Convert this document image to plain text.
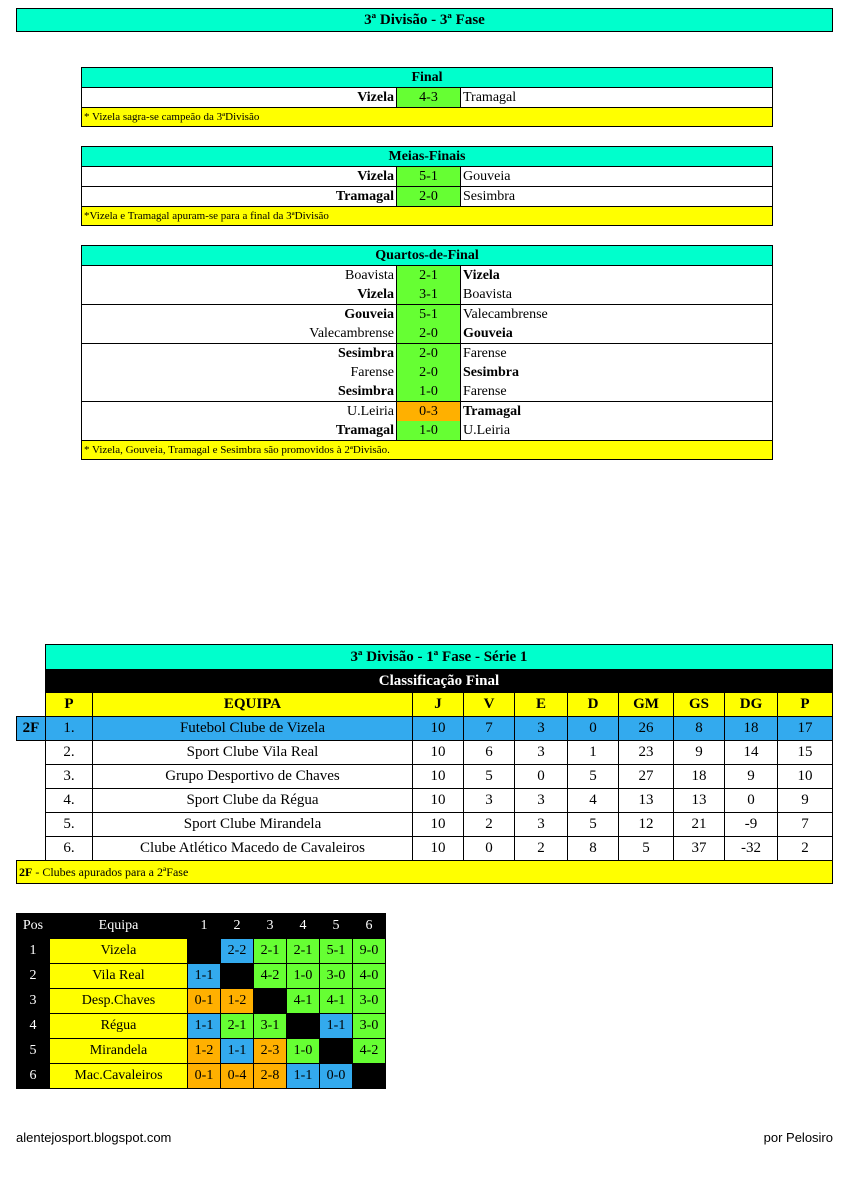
3ª Divisão - 3ª Fase
Final
Vizela	4-3	Tramagal
* Vizela sagra-se campeão da 3ªDivisão
Meias-Finais		
Vizela	5-1	Gouveia
Tramagal	2-0	Sesimbra
*Vizela e Tramagal apuram-se para a final da 3ªDivisão		
Quartos-de-Final		
Boavista	2-1	Vizela
Vizela	3-1	Boavista
Gouveia	5-1	Valecambrense
Valecambrense	2-0	Gouveia
Sesimbra	2-0	Farense
Farense	2-0	Sesimbra
Sesimbra	1-0	Farense
U.Leiria	0-3	Tramagal
Tramagal	1-0	U.Leiria
* Vizela, Gouveia, Tramagal e Sesimbra são promovidos à 2ªDivisão.		
	3ª Divisão - 1ª Fase - Série 1									
	Classificação Final									
	P	EQUIPA	J	V	E	D	GM	GS	DG	P
2F	1.	Futebol Clube de Vizela	10	7	3	0	26	8	18	17
	2.	Sport Clube Vila Real	10	6	3	1	23	9	14	15
	3.	Grupo Desportivo de Chaves	10	5	0	5	27	18	9	10
	4.	Sport Clube da Régua	10	3	3	4	13	13	0	9
	5.	Sport Clube Mirandela	10	2	3	5	12	21	-9	7
	6.	Clube Atlético Macedo de Cavaleiros	10	0	2	8	5	37	-32	2
2F - Clubes apurados para a 2ªFase										
Pos	Equipa	1	2	3	4	5	6
1	Vizela		2-2	2-1	2-1	5-1	9-0
2	Vila Real	1-1		4-2	1-0	3-0	4-0
3	Desp.Chaves	0-1	1-2		4-1	4-1	3-0
4	Régua	1-1	2-1	3-1		1-1	3-0
5	Mirandela	1-2	1-1	2-3	1-0		4-2
6	Mac.Cavaleiros	0-1	0-4	2-8	1-1	0-0	
alentejosport.blogspot.com	por Pelosiro
